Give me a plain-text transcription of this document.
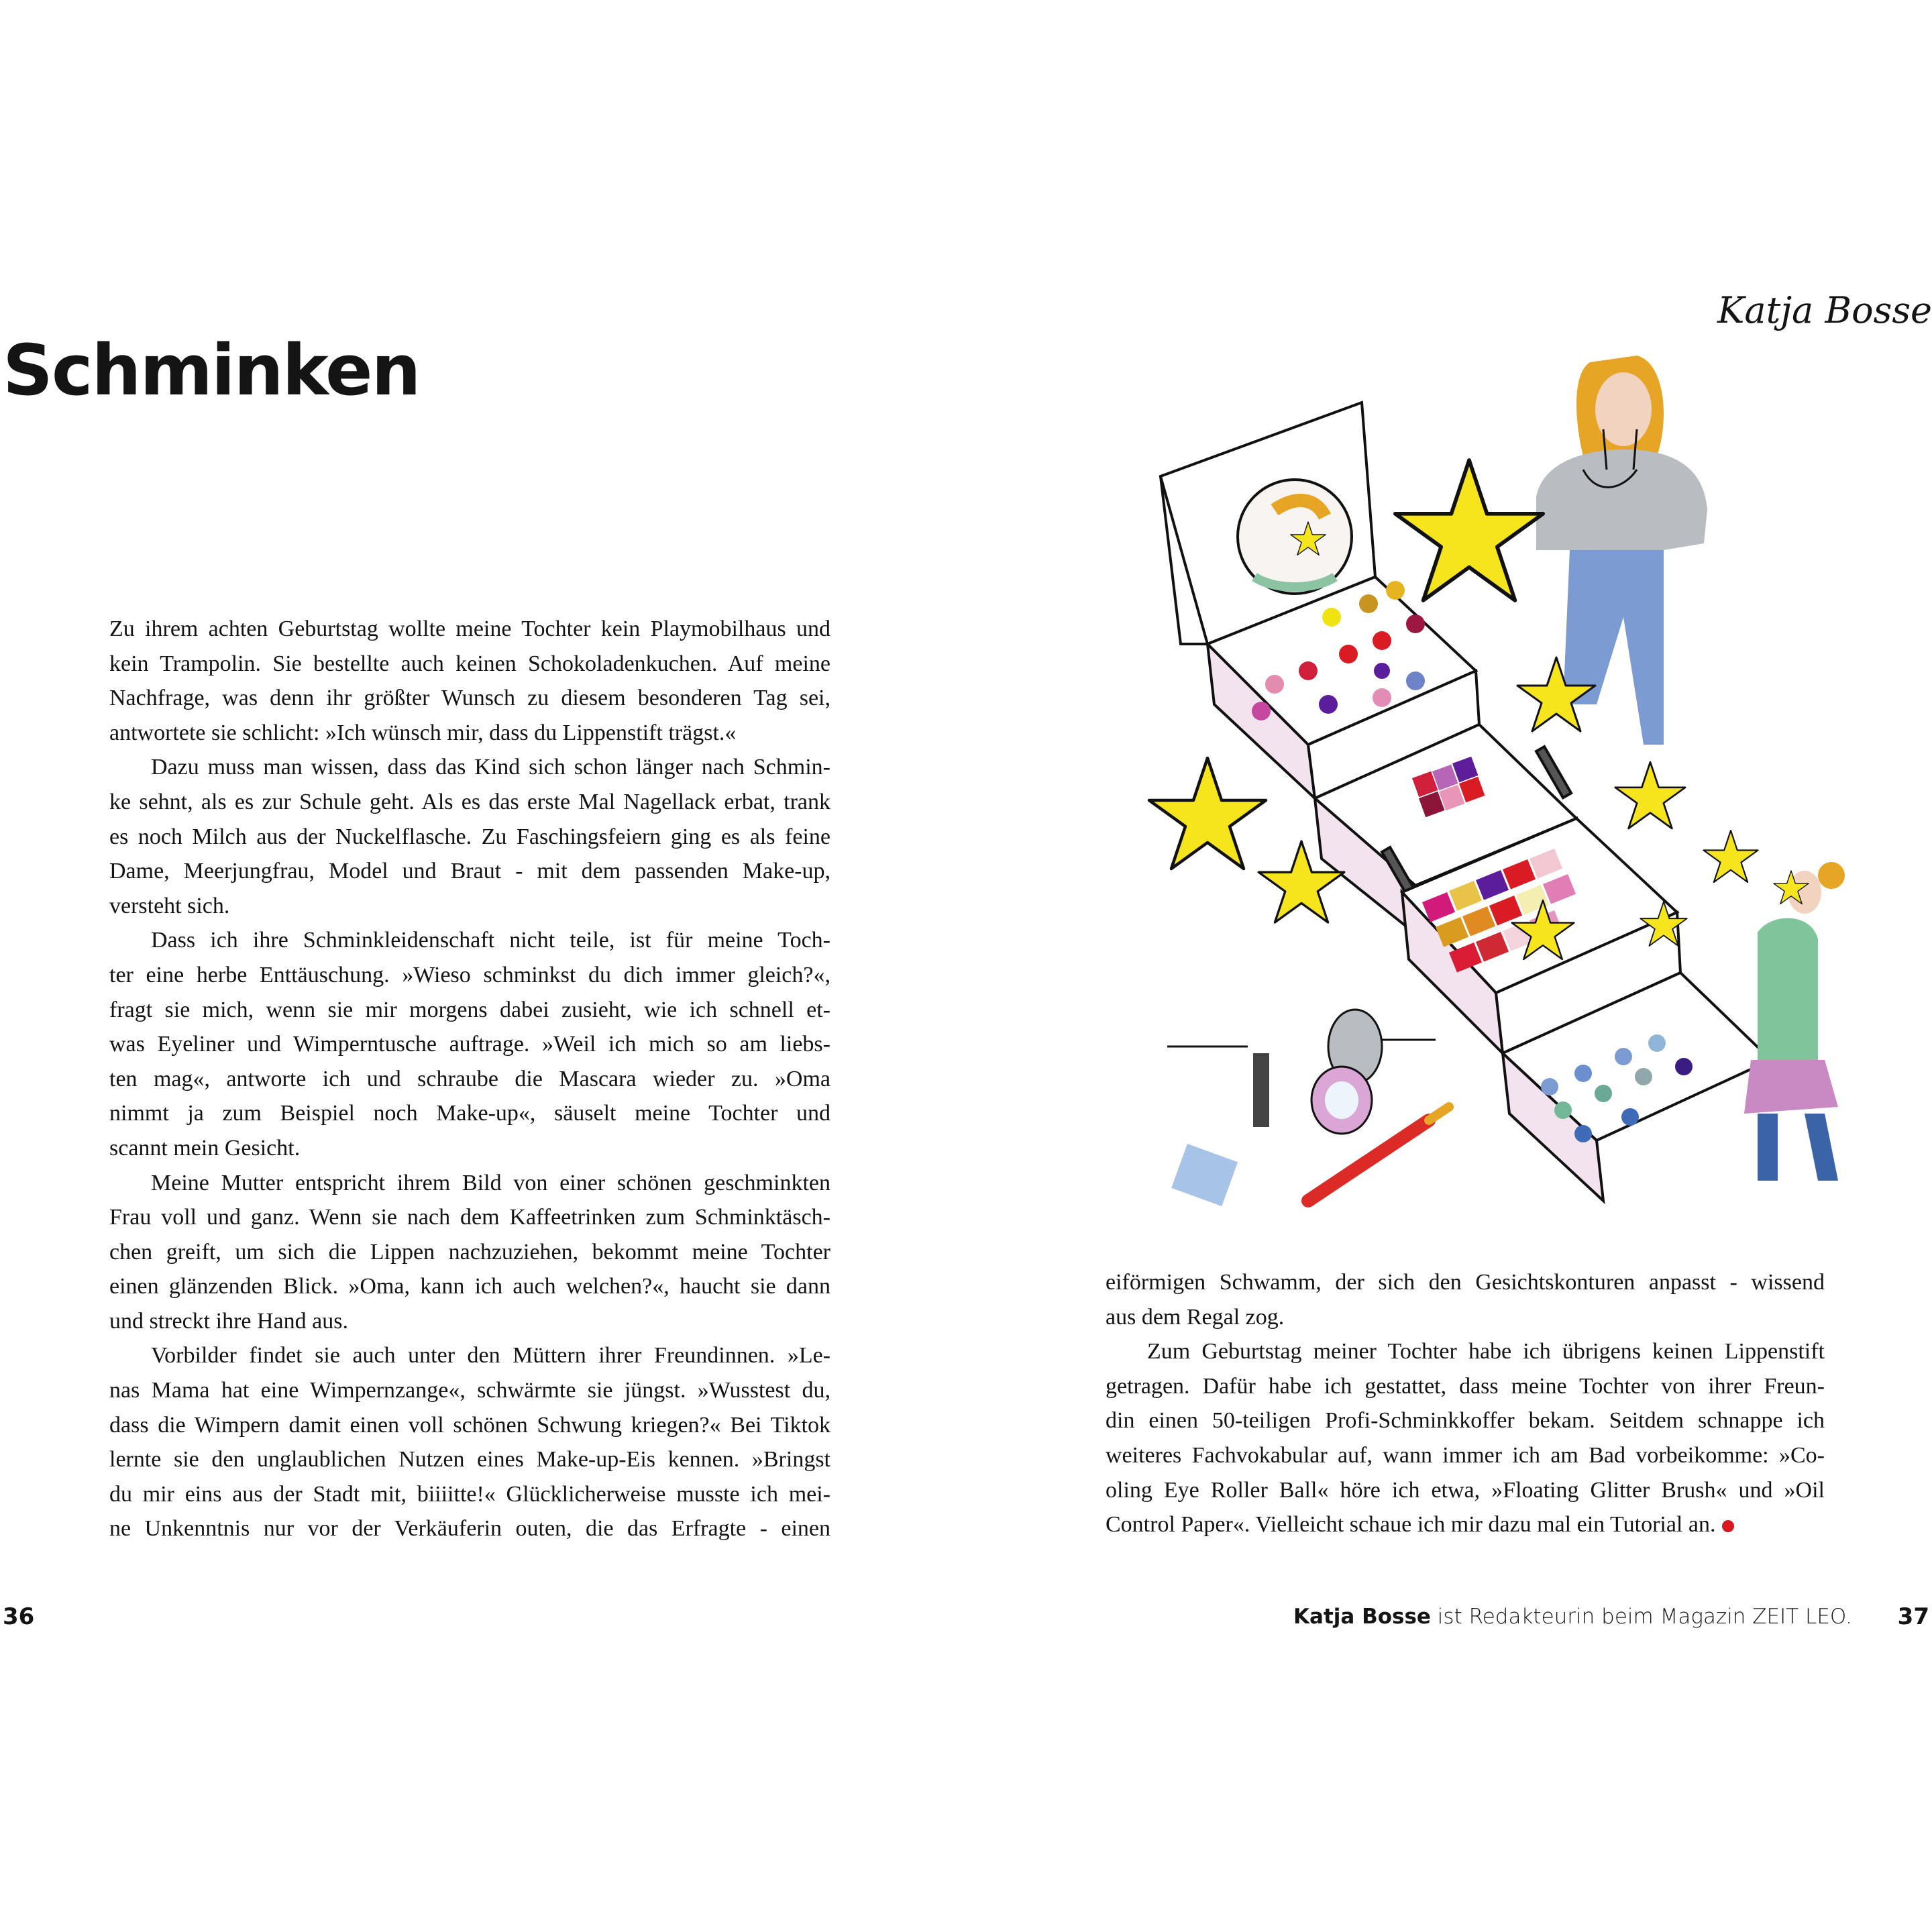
Schminken
Katja Bosse
Zu ihrem achten Geburtstag wollte meine Tochter kein Playmobilhaus und
kein Trampolin. Sie bestellte auch keinen Schokoladenkuchen. Auf meine
Nachfrage, was denn ihr größter Wunsch zu diesem besonderen Tag sei,
antwortete sie schlicht: »Ich wünsch mir, dass du Lippenstift trägst.«
Dazu muss man wissen, dass das Kind sich schon länger nach Schmin-
ke sehnt, als es zur Schule geht. Als es das erste Mal Nagellack erbat, trank
es noch Milch aus der Nuckelflasche. Zu Faschingsfeiern ging es als feine
Dame, Meerjungfrau, Model und Braut - mit dem passenden Make-up,
versteht sich.
Dass ich ihre Schminkleidenschaft nicht teile, ist für meine Toch-
ter eine herbe Enttäuschung. »Wieso schminkst du dich immer gleich?«,
fragt sie mich, wenn sie mir morgens dabei zusieht, wie ich schnell et-
was Eyeliner und Wimperntusche auftrage. »Weil ich mich so am liebs-
ten mag«, antworte ich und schraube die Mascara wieder zu. »Oma
nimmt ja zum Beispiel noch Make-up«, säuselt meine Tochter und
scannt mein Gesicht.
Meine Mutter entspricht ihrem Bild von einer schönen geschminkten
Frau voll und ganz. Wenn sie nach dem Kaffeetrinken zum Schminktäsch-
chen greift, um sich die Lippen nachzuziehen, bekommt meine Tochter
einen glänzenden Blick. »Oma, kann ich auch welchen?«, haucht sie dann
und streckt ihre Hand aus.
Vorbilder findet sie auch unter den Müttern ihrer Freundinnen. »Le-
nas Mama hat eine Wimpernzange«, schwärmte sie jüngst. »Wusstest du,
dass die Wimpern damit einen voll schönen Schwung kriegen?« Bei Tiktok
lernte sie den unglaublichen Nutzen eines Make-up-Eis kennen. »Bringst
du mir eins aus der Stadt mit, biiiitte!« Glücklicherweise musste ich mei-
ne Unkenntnis nur vor der Verkäuferin outen, die das Erfragte - einen
eiförmigen Schwamm, der sich den Gesichtskonturen anpasst - wissend
aus dem Regal zog.
Zum Geburtstag meiner Tochter habe ich übrigens keinen Lippenstift
getragen. Dafür habe ich gestattet, dass meine Tochter von ihrer Freun-
din einen 50-teiligen Profi-Schminkkoffer bekam. Seitdem schnappe ich
weiteres Fachvokabular auf, wann immer ich am Bad vorbeikomme: »Co-
oling Eye Roller Ball« höre ich etwa, »Floating Glitter Brush« und »Oil
Control Paper«. Vielleicht schaue ich mir dazu mal ein Tutorial an.
36	Katja Bosse ist Redakteurin beim Magazin ZEIT LEO. 37
